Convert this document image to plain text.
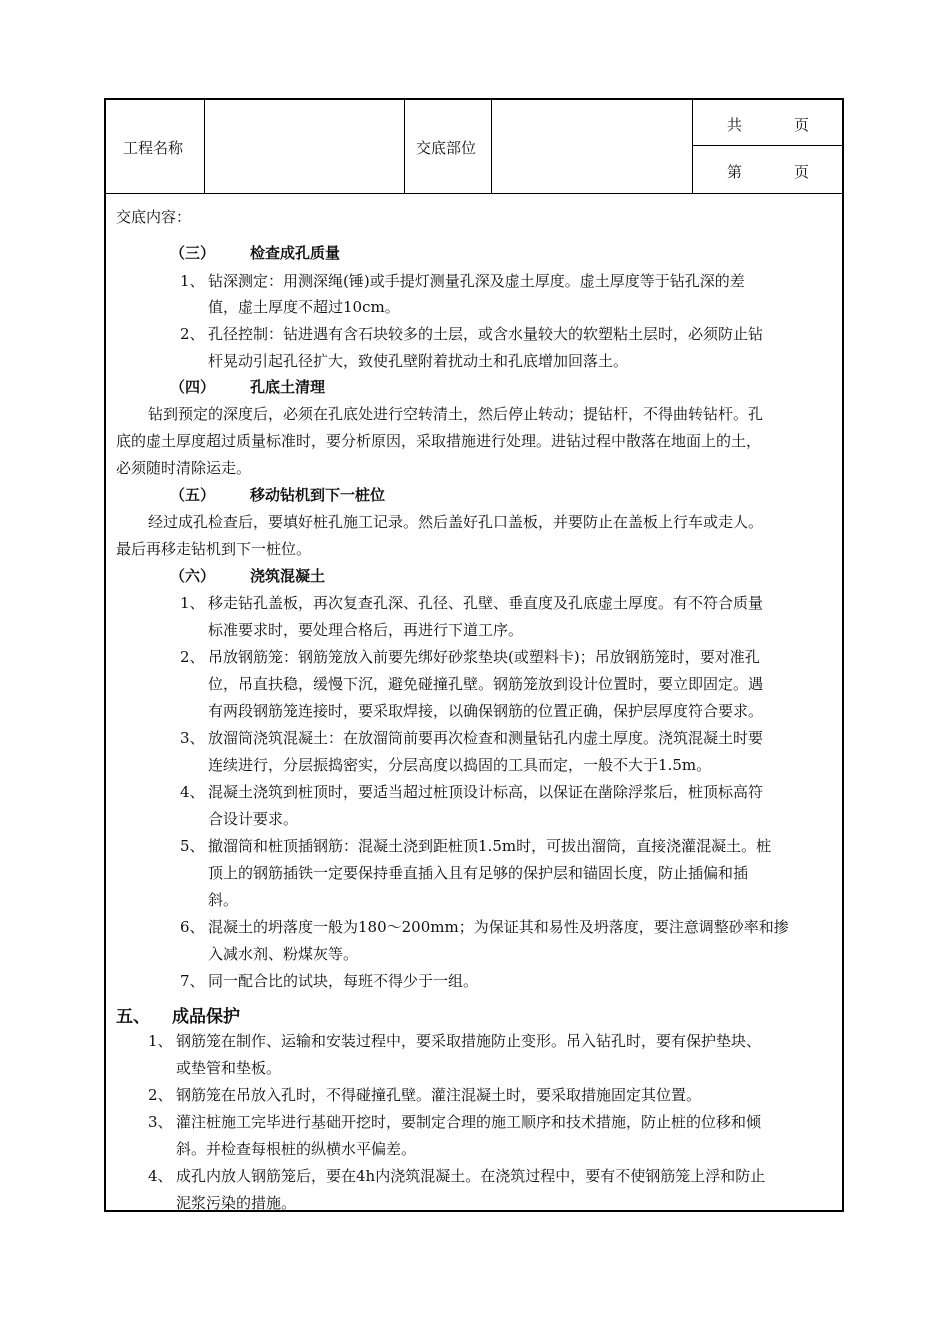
工程名称	交底部位
共	页
第	页
交底内容：
（三） 检查成孔质量
1、 钻深测定：用测深绳(锤)或手提灯测量孔深及虚土厚度。虚土厚度等于钻孔深的差
值，虚土厚度不超过10cm。
2、 孔径控制：钻进遇有含石块较多的土层，或含水量较大的软塑粘土层时，必须防止钻
杆晃动引起孔径扩大，致使孔壁附着扰动土和孔底增加回落土。
（四） 孔底土清理
钻到预定的深度后，必须在孔底处进行空转清土，然后停止转动；提钻杆，不得曲转钻杆。孔
底的虚土厚度超过质量标准时，要分析原因，采取措施进行处理。进钻过程中散落在地面上的土，
必须随时清除运走。
（五） 移动钻机到下一桩位
经过成孔检查后，要填好桩孔施工记录。然后盖好孔口盖板，并要防止在盖板上行车或走人。
最后再移走钻机到下一桩位。
（六） 浇筑混凝土
1、 移走钻孔盖板，再次复查孔深、孔径、孔壁、垂直度及孔底虚土厚度。有不符合质量
标准要求时，要处理合格后，再进行下道工序。
2、 吊放钢筋笼：钢筋笼放入前要先绑好砂浆垫块(或塑料卡)；吊放钢筋笼时，要对准孔
位，吊直扶稳，缓慢下沉，避免碰撞孔壁。钢筋笼放到设计位置时，要立即固定。遇
有两段钢筋笼连接时，要采取焊接，以确保钢筋的位置正确，保护层厚度符合要求。
3、 放溜筒浇筑混凝土：在放溜筒前要再次检查和测量钻孔内虚土厚度。浇筑混凝土时要
连续进行，分层振捣密实，分层高度以捣固的工具而定，一般不大于1.5m。
4、 混凝土浇筑到桩顶时，要适当超过桩顶设计标高，以保证在凿除浮浆后，桩顶标高符
合设计要求。
5、 撤溜筒和桩顶插钢筋：混凝土浇到距桩顶1.5m时，可拔出溜筒，直接浇灌混凝土。桩
顶上的钢筋插铁一定要保持垂直插入且有足够的保护层和锚固长度，防止插偏和插
斜。
6、 混凝土的坍落度一般为180～200mm；为保证其和易性及坍落度，要注意调整砂率和掺
入减水剂、粉煤灰等。
7、 同一配合比的试块，每班不得少于一组。
五、 成品保护
1、 钢筋笼在制作、运输和安装过程中，要采取措施防止变形。吊入钻孔时，要有保护垫块、
或垫管和垫板。
2、 钢筋笼在吊放入孔时，不得碰撞孔壁。灌注混凝土时，要采取措施固定其位置。
3、 灌注桩施工完毕进行基础开挖时，要制定合理的施工顺序和技术措施，防止桩的位移和倾
斜。并检查每根桩的纵横水平偏差。
4、 成孔内放人钢筋笼后，要在4h内浇筑混凝土。在浇筑过程中，要有不使钢筋笼上浮和防止
泥浆污染的措施。
